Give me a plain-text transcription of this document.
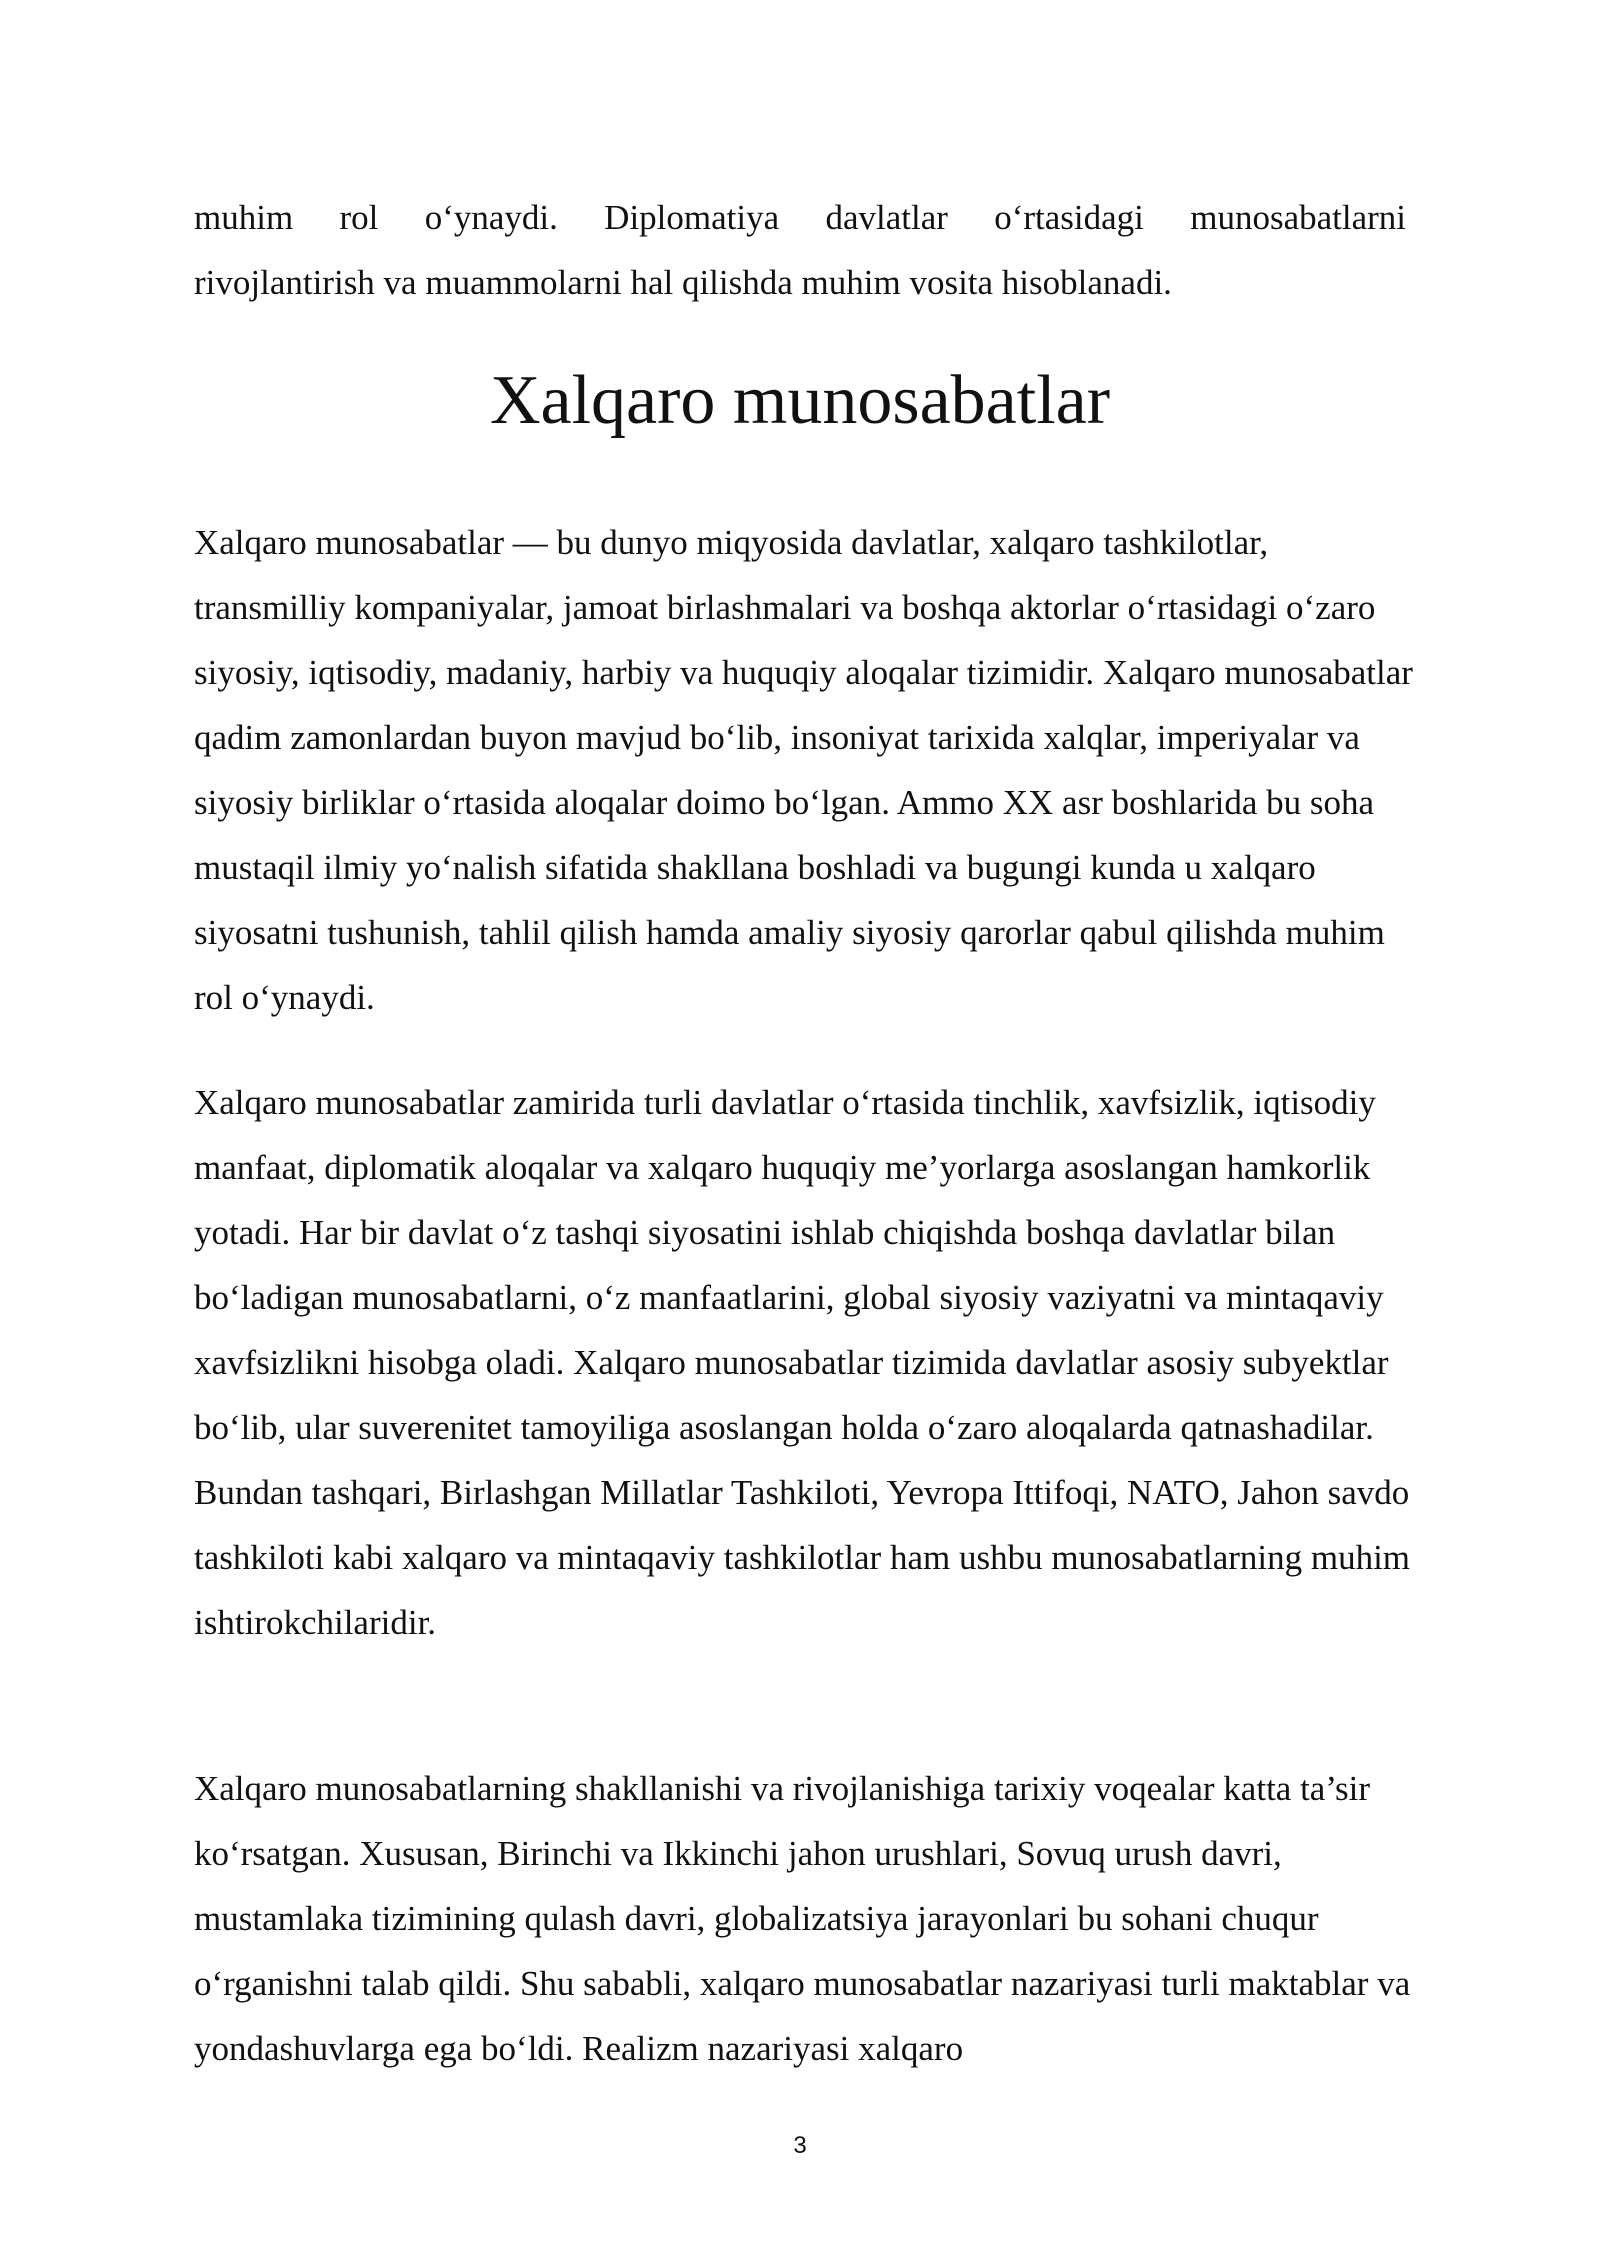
muhim rol o‘ynaydi. Diplomatiya davlatlar o‘rtasidagi munosabatlarni
rivojlantirish va muammolarni hal qilishda muhim vosita hisoblanadi.

Xalqaro munosabatlar

Xalqaro munosabatlar — bu dunyo miqyosida davlatlar, xalqaro tashkilotlar, transmilliy kompaniyalar, jamoat birlashmalari va boshqa aktorlar o‘rtasidagi o‘zaro siyosiy, iqtisodiy, madaniy, harbiy va huquqiy aloqalar tizimidir. Xalqaro munosabatlar qadim zamonlardan buyon mavjud bo‘lib, insoniyat tarixida xalqlar, imperiyalar va siyosiy birliklar o‘rtasida aloqalar doimo bo‘lgan. Ammo XX asr boshlarida bu soha mustaqil ilmiy yo‘nalish sifatida shakllana boshladi va bugungi kunda u xalqaro siyosatni tushunish, tahlil qilish hamda amaliy siyosiy qarorlar qabul qilishda muhim rol o‘ynaydi.

Xalqaro munosabatlar zamirida turli davlatlar o‘rtasida tinchlik, xavfsizlik, iqtisodiy manfaat, diplomatik aloqalar va xalqaro huquqiy me’yorlarga asoslangan hamkorlik yotadi. Har bir davlat o‘z tashqi siyosatini ishlab chiqishda boshqa davlatlar bilan bo‘ladigan munosabatlarni, o‘z manfaatlarini, global siyosiy vaziyatni va mintaqaviy xavfsizlikni hisobga oladi. Xalqaro munosabatlar tizimida davlatlar asosiy subyektlar bo‘lib, ular suverenitet tamoyiliga asoslangan holda o‘zaro aloqalarda qatnashadilar. Bundan tashqari, Birlashgan Millatlar Tashkiloti, Yevropa Ittifoqi, NATO, Jahon savdo tashkiloti kabi xalqaro va mintaqaviy tashkilotlar ham ushbu munosabatlarning muhim ishtirokchilaridir.

Xalqaro munosabatlarning shakllanishi va rivojlanishiga tarixiy voqealar katta ta’sir ko‘rsatgan. Xususan, Birinchi va Ikkinchi jahon urushlari, Sovuq urush davri, mustamlaka tizimining qulash davri, globalizatsiya jarayonlari bu sohani chuqur o‘rganishni talab qildi. Shu sababli, xalqaro munosabatlar nazariyasi turli maktablar va yondashuvlarga ega bo‘ldi. Realizm nazariyasi xalqaro

3
